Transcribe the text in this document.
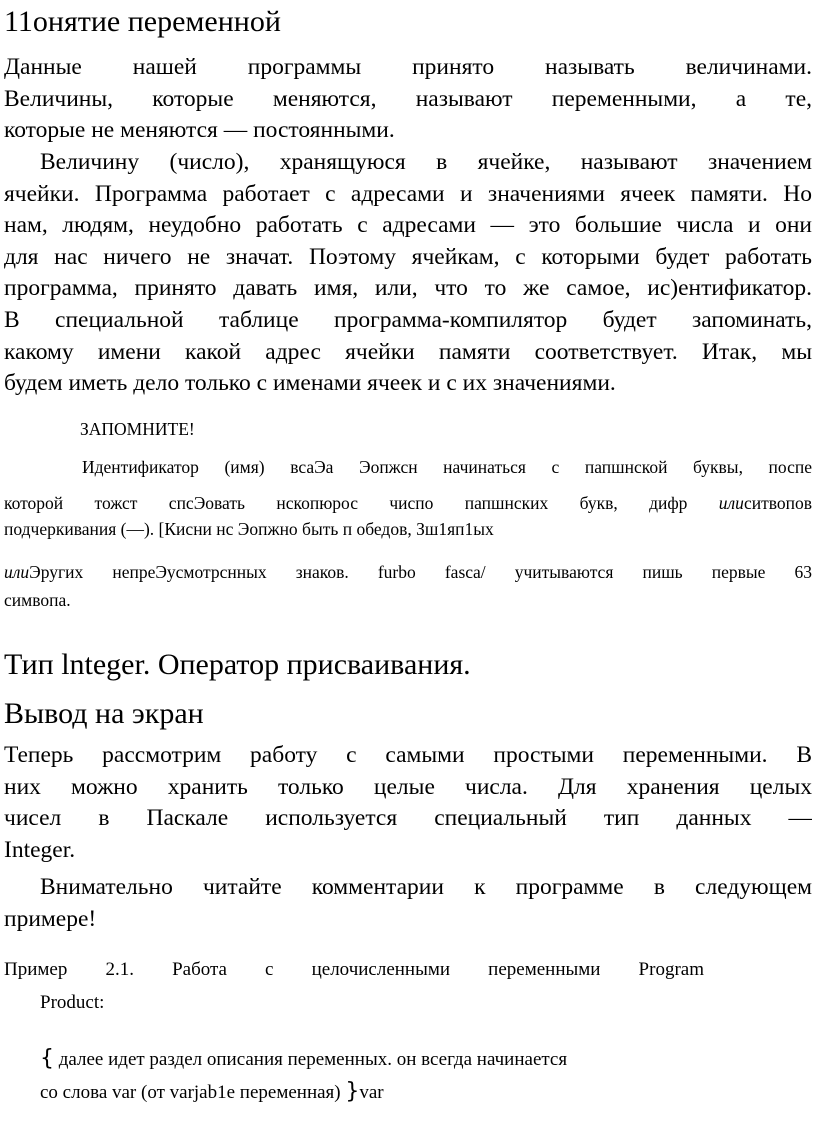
11онятие переменной
Данные нашей программы принято называть величинами.
Величины, которые меняются, называют переменными, а те,
которые не меняются — постоянными.
Величину (число), хранящуюся в ячейке, называют значением
ячейки. Программа работает с адресами и значениями ячеек памяти. Но
нам, людям, неудобно работать с адресами — это большие числа и они
для нас ничего не значат. Поэтому ячейкам, с которыми будет работать
программа, принято давать имя, или, что то же самое, ис)ентификатор.
В специальной таблице программа-компилятор будет запоминать,
какому имени какой адрес ячейки памяти соответствует. Итак, мы
будем иметь дело только с именами ячеек и с их значениями.
ЗАПОМНИТЕ!
Идентификатор (имя) всаЭа Эопжсн начинаться с папшнской буквы, поспе
которой тожст спсЭовать нскопюрос чиспо папшнских букв, дифр илиситвопов
подчеркивания (—). [Кисни нс Эопжно быть п обедов, Зш1яп1ых
илиЭругих непреЭусмотрснных знаков. furbo fasca/ учитываются пишь первые 63
симвопа.
Тип lnteger. Оператор присваивания.
Вывод на экран
Теперь рассмотрим работу с самыми простыми переменными. В
них можно хранить только целые числа. Для хранения целых
чисел в Паскале используется специальный тип данных —
Integer.
Внимательно читайте комментарии к программе в следующем
примере!
Пример 2.1. Работа с целочисленными переменными Program
Product:
{ далее идет раздел описания переменных. он всегда начинается
со слова var (от varjab1e переменная) }var
